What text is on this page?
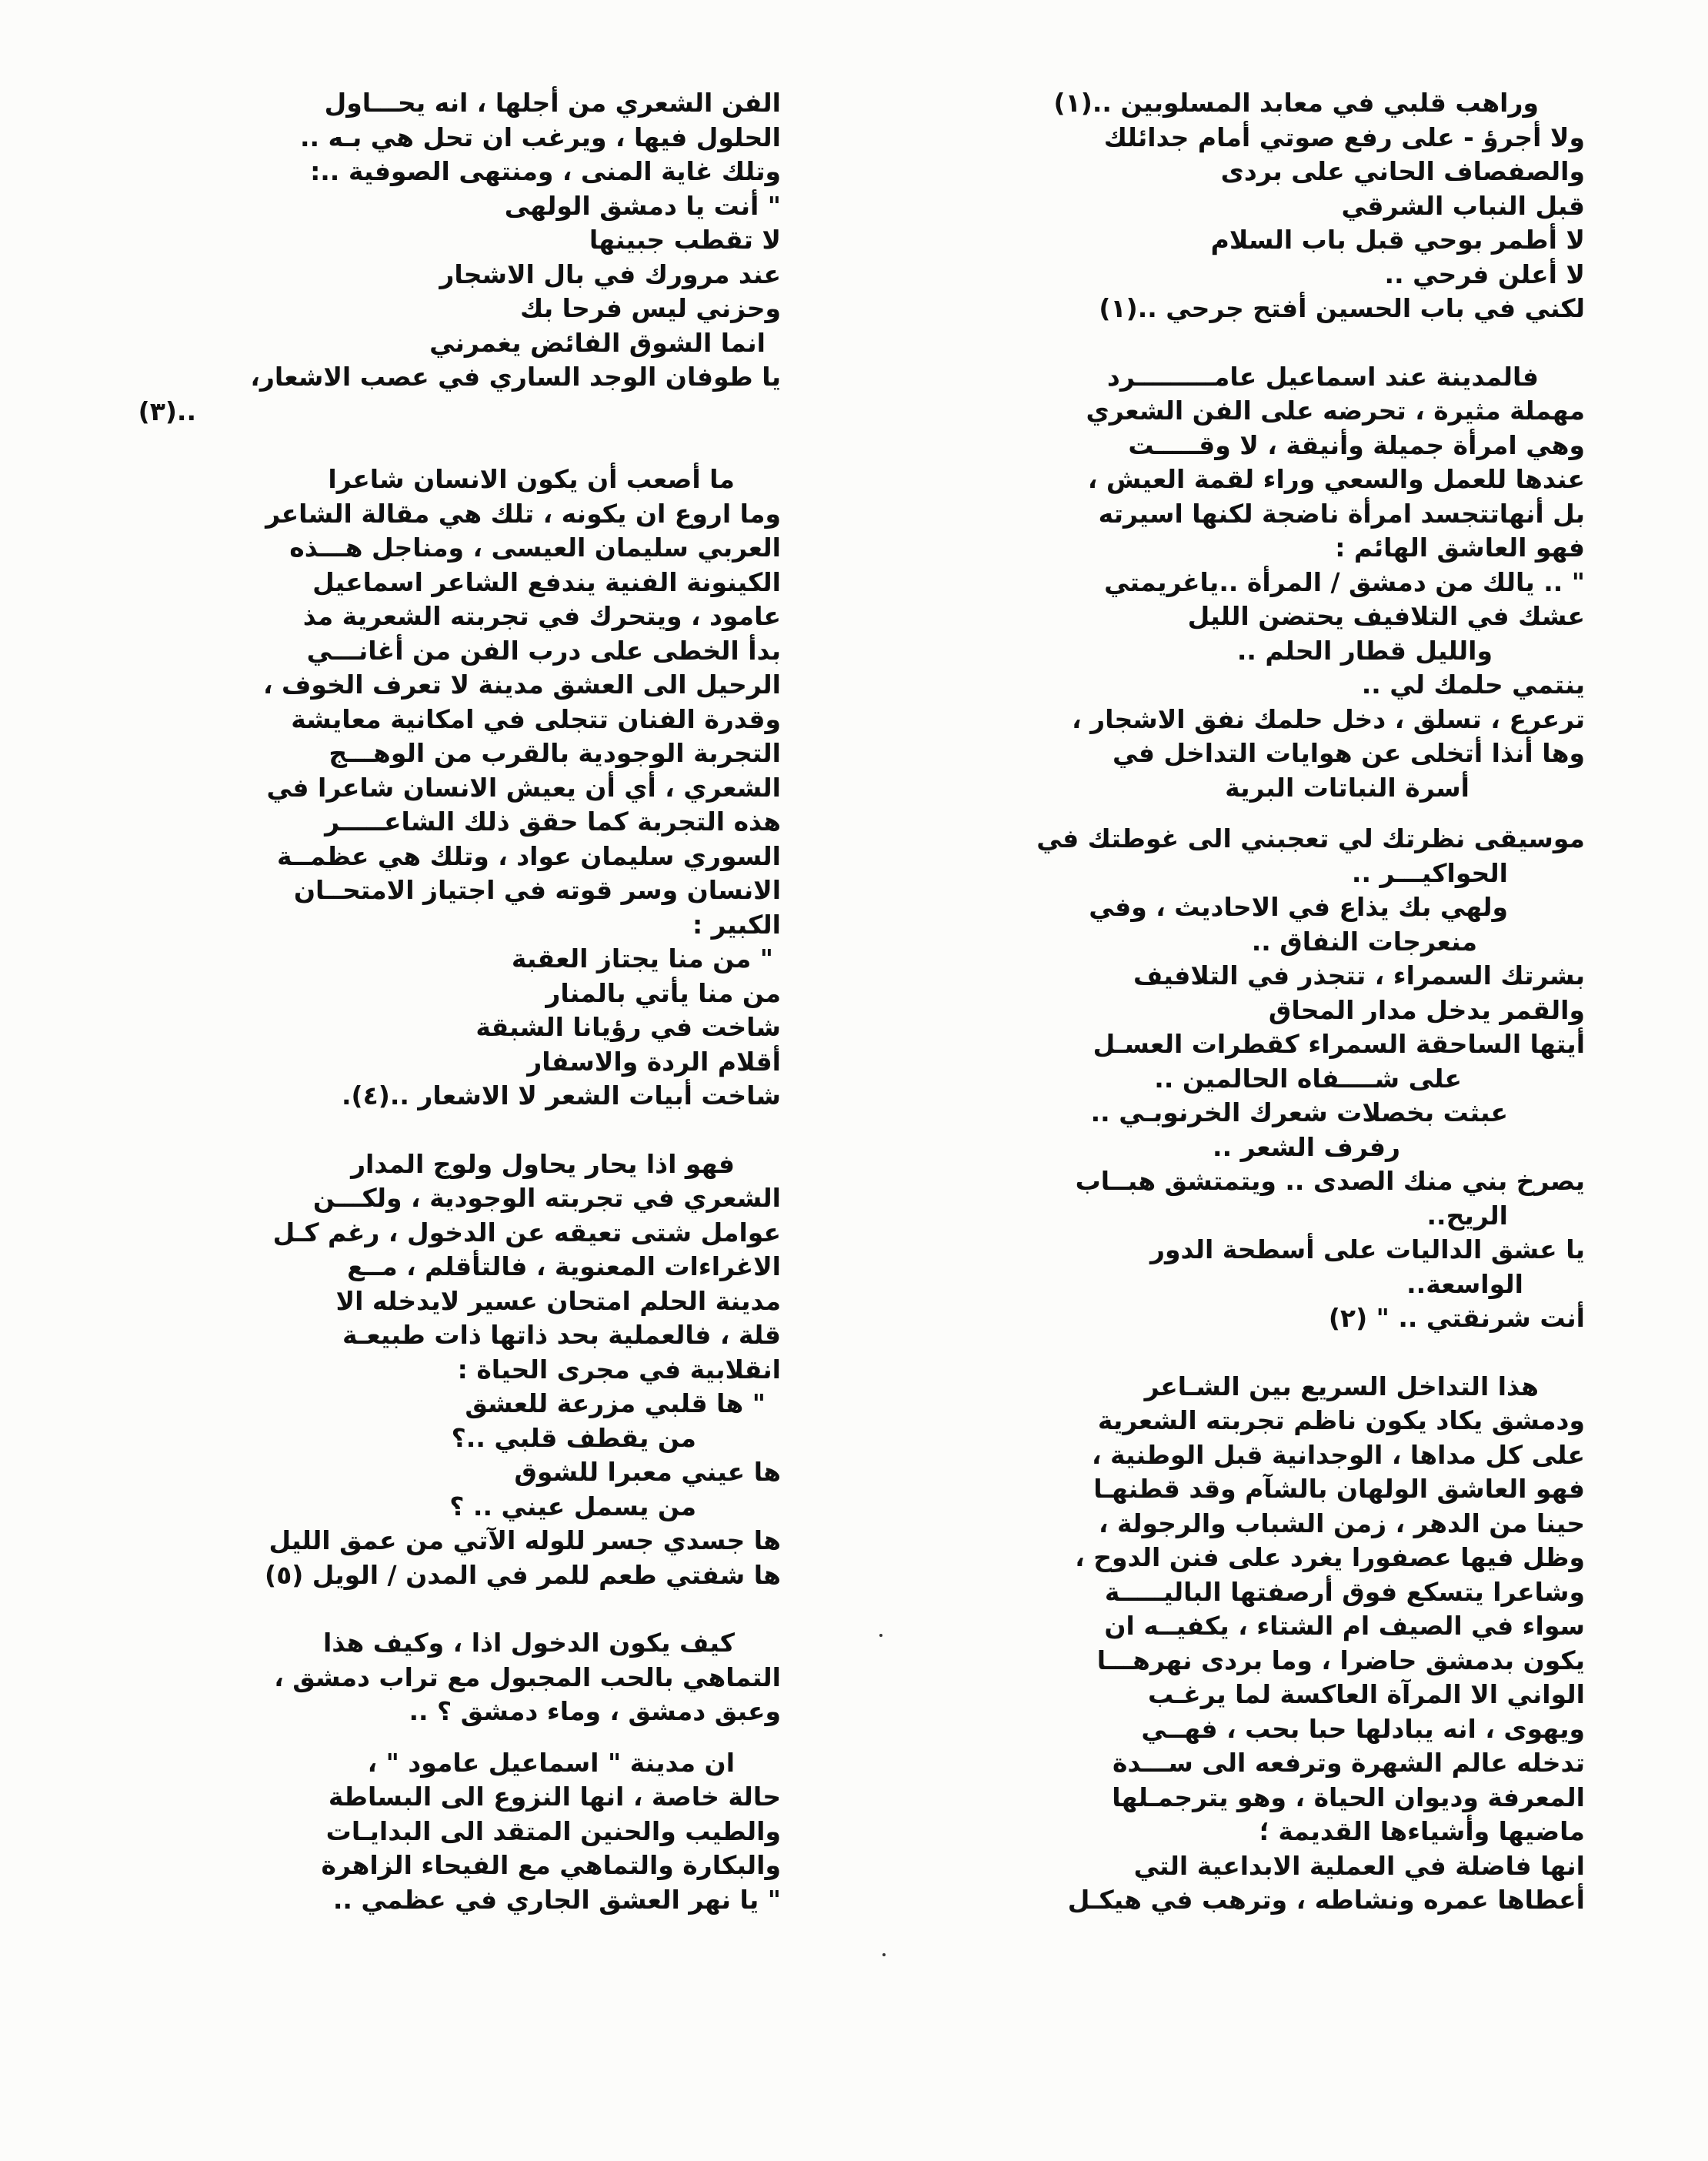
وراهب قلبي في معابد المسلوبين ..(١)
ولا أجرؤ - على رفع صوتي أمام جدائلك
والصفصاف الحاني على بردى
قبل النباب الشرقي
لا أطمر بوحي قبل باب السلام
لا أعلن فرحي ..
لكني في باب الحسين أفتح جرحي ..(١)
فالمدينة عند اسماعيل عامـــــــــرد
مهملة مثيرة ، تحرضه على الفن الشعري
وهي امرأة جميلة وأنيقة ، لا وقـــــت
عندها للعمل والسعي وراء لقمة العيش ،
بل أنهاتتجسد امرأة ناضجة لكنها اسيرته
فهو العاشق الهائم :
" .. يالك من دمشق / المرأة ..ياغريمتي
عشك في التلافيف يحتضن الليل
والليل قطار الحلم ..
ينتمي حلمك لي ..
ترعرع ، تسلق ، دخل حلمك نفق الاشجار ،
وها أنذا أتخلى عن هوايات التداخل في
أسرة النباتات البرية
موسيقى نظرتك لي تعجبني الى غوطتك في
الحواكيـــر ..
ولهي بك يذاع في الاحاديث ، وفي
منعرجات النفاق ..
بشرتك السمراء ، تتجذر في التلافيف
والقمر يدخل مدار المحاق
أيتها الساحقة السمراء كقطرات العسـل
على شــــفاه الحالمين ..
عبثت بخصلات شعرك الخرنوبـي ..
رفرف الشعر ..
يصرخ بني منك الصدى .. ويتمتشق هبــاب
الريح..
يا عشق الداليات على أسطحة الدور
الواسعة..
أنت شرنقتي .. " (٢)
هذا التداخل السريع بين الشـاعر
ودمشق يكاد يكون ناظم تجربته الشعرية
على كل مداها ، الوجدانية قبل الوطنية ،
فهو العاشق الولهان بالشآم وقد قطنهـا
حينا من الدهر ، زمن الشباب والرجولة ،
وظل فيها عصفورا يغرد على فنن الدوح ،
وشاعرا يتسكع فوق أرصفتها الباليـــــة
سواء في الصيف ام الشتاء ، يكفيــه ان
يكون بدمشق حاضرا ، وما بردى نهرهـــا
الواني الا المرآة العاكسة لما يرغـب
ويهوى ، انه يبادلها حبا بحب ، فهــي
تدخله عالم الشهرة وترفعه الى ســـدة
المعرفة وديوان الحياة ، وهو يترجمـلها
ماضيها وأشياءها القديمة ؛
انها فاضلة في العملية الابداعية التي
أعطاها عمره ونشاطه ، وترهب في هيكـل
الفن الشعري من أجلها ، انه يحـــاول
الحلول فيها ، ويرغب ان تحل هي بـه ..
وتلك غاية المنى ، ومنتهى الصوفية ..:
" أنت يا دمشق الولهى
لا تقطب جبينها
عند مرورك في بال الاشجار
وحزني ليس فرحا بك
انما الشوق الفائض يغمرني
يا طوفان الوجد الساري في عصب الاشعار،
..(٣)
ما أصعب أن يكون الانسان شاعرا
وما اروع ان يكونه ، تلك هي مقالة الشاعر
العربي سليمان العيسى ، ومناجل هـــذه
الكينونة الفنية يندفع الشاعر اسماعيل
عامود ، ويتحرك في تجربته الشعرية مذ
بدأ الخطى على درب الفن من أغانـــي
الرحيل الى العشق مدينة لا تعرف الخوف ،
وقدرة الفنان تتجلى في امكانية معايشة
التجربة الوجودية بالقرب من الوهـــج
الشعري ، أي أن يعيش الانسان شاعرا في
هذه التجربة كما حقق ذلك الشاعـــــر
السوري سليمان عواد ، وتلك هي عظمــة
الانسان وسر قوته في اجتياز الامتحــان
الكبير :
" من منا يجتاز العقبة
من منا يأتي بالمنار
شاخت في رؤيانا الشبقة
أقلام الردة والاسفار
شاخت أبيات الشعر لا الاشعار ..(٤).
فهو اذا يحار يحاول ولوج المدار
الشعري في تجربته الوجودية ، ولكـــن
عوامل شتى تعيقه عن الدخول ، رغم كـل
الاغراءات المعنوية ، فالتأقلم ، مــع
مدينة الحلم امتحان عسير لايدخله الا
قلة ، فالعملية بحد ذاتها ذات طبيعـة
انقلابية في مجرى الحياة :
" ها قلبي مزرعة للعشق
من يقطف قلبي ..؟
ها عيني معبرا للشوق
من يسمل عيني .. ؟
ها جسدي جسر للوله الآتي من عمق الليل
ها شفتي طعم للمر في المدن / الويل (٥)
كيف يكون الدخول اذا ، وكيف هذا
التماهي بالحب المجبول مع تراب دمشق ،
وعبق دمشق ، وماء دمشق ؟ ..
ان مدينة " اسماعيل عامود " ،
حالة خاصة ، انها النزوع الى البساطة
والطيب والحنين المتقد الى البدايـات
والبكارة والتماهي مع الفيحاء الزاهرة
" يا نهر العشق الجاري في عظمي ..
